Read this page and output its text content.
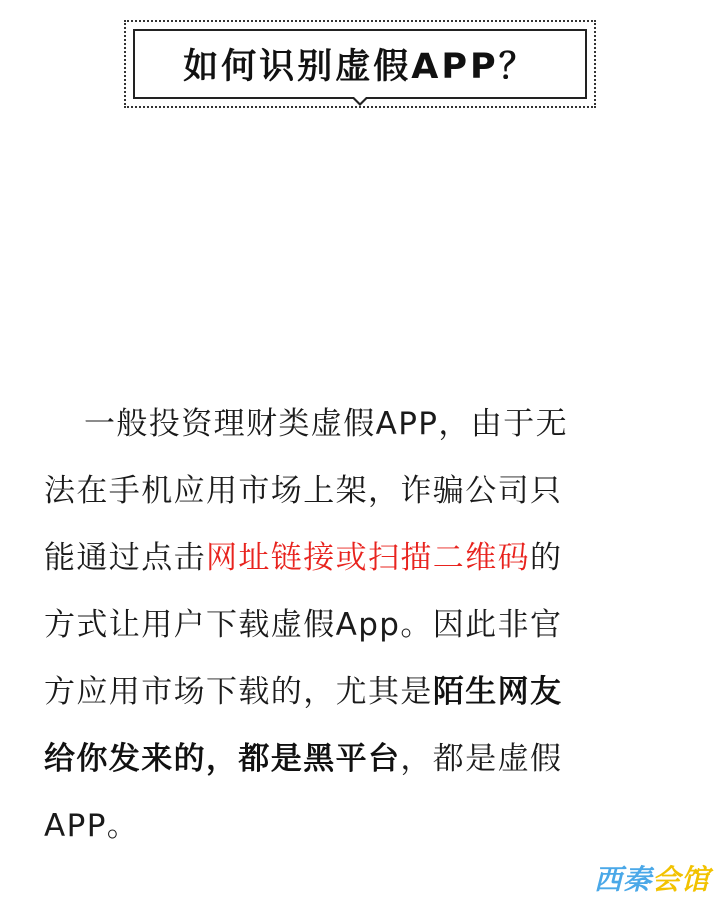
如何识别虚假APP？
一般投资理财类虚假APP，由于无
法在手机应用市场上架，诈骗公司只
能通过点击网址链接或扫描二维码的
方式让用户下载虚假App。因此非官
方应用市场下载的，尤其是陌生网友
给你发来的，都是黑平台，都是虚假
APP。
西秦会馆
